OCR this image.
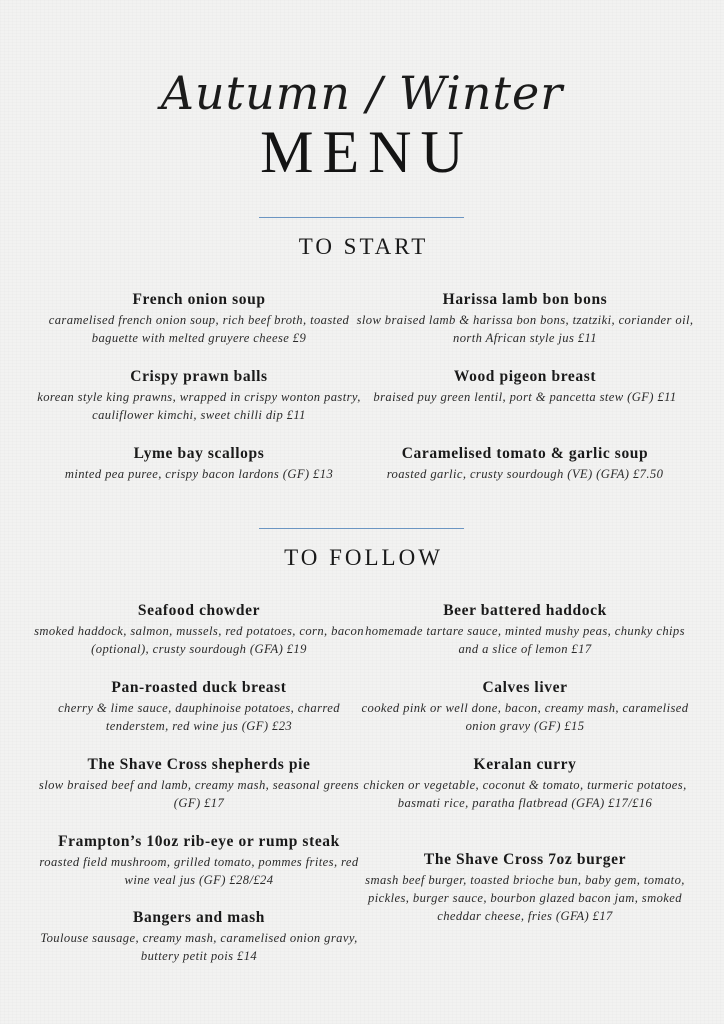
Autumn / Winter
MENU
TO START
French onion soup
caramelised french onion soup, rich beef broth, toasted baguette with melted gruyere cheese £9
Crispy prawn balls
korean style king prawns, wrapped in crispy wonton pastry, cauliflower kimchi, sweet chilli dip £11
Lyme bay scallops
minted pea puree, crispy bacon lardons (GF) £13
Harissa lamb bon bons
slow braised lamb & harissa bon bons, tzatziki, coriander oil, north African style jus £11
Wood pigeon breast
braised puy green lentil, port & pancetta stew (GF) £11
Caramelised tomato & garlic soup
roasted garlic, crusty sourdough (VE) (GFA) £7.50
TO FOLLOW
Seafood chowder
smoked haddock, salmon, mussels, red potatoes, corn, bacon (optional), crusty sourdough (GFA) £19
Pan-roasted duck breast
cherry & lime sauce, dauphinoise potatoes, charred tenderstem, red wine jus (GF) £23
The Shave Cross shepherds pie
slow braised beef and lamb, creamy mash, seasonal greens (GF) £17
Frampton’s 10oz rib-eye or rump steak
roasted field mushroom, grilled tomato, pommes frites, red wine veal jus (GF) £28/£24
Bangers and mash
Toulouse sausage, creamy mash, caramelised onion gravy, buttery petit pois £14
Beer battered haddock
homemade tartare sauce, minted mushy peas, chunky chips and a slice of lemon £17
Calves liver
cooked pink or well done, bacon, creamy mash, caramelised onion gravy (GF) £15
Keralan curry
chicken or vegetable, coconut & tomato, turmeric potatoes, basmati rice, paratha flatbread (GFA) £17/£16
The Shave Cross 7oz burger
smash beef burger, toasted brioche bun, baby gem, tomato, pickles, burger sauce, bourbon glazed bacon jam, smoked cheddar cheese, fries (GFA) £17
